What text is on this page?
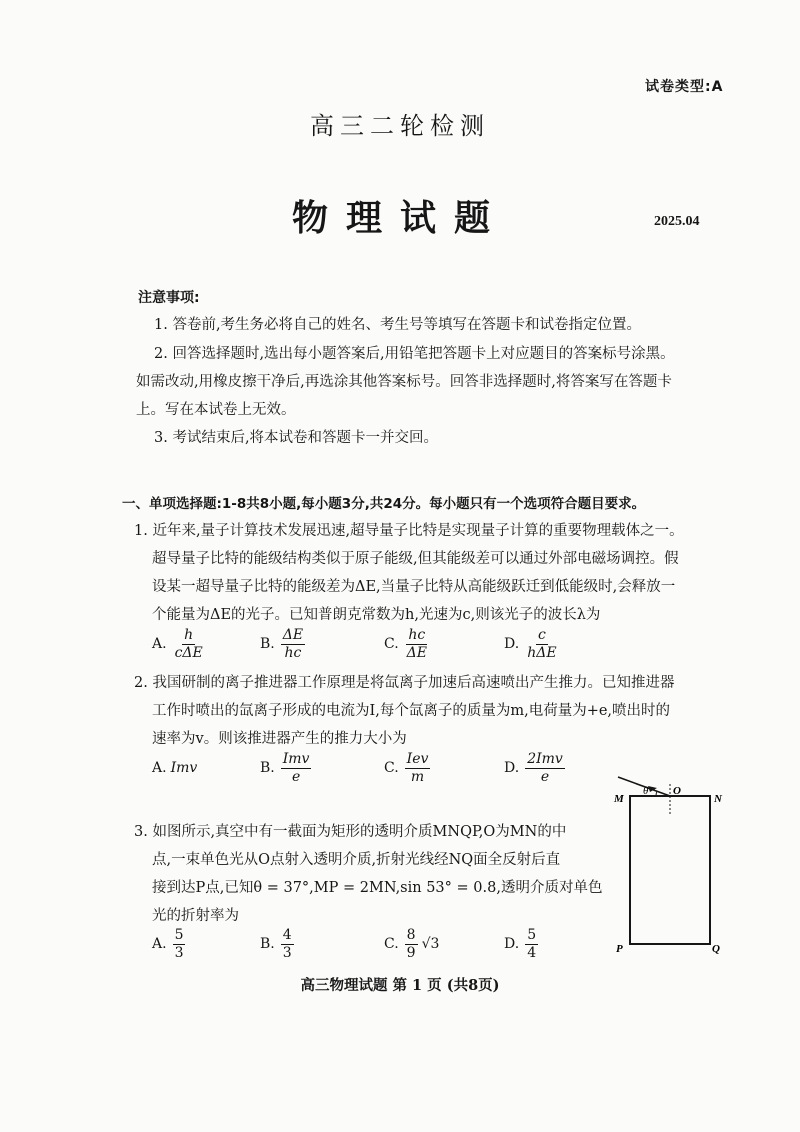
试卷类型:A
高三二轮检测
物理试题	2025.04
注意事项:
1. 答卷前,考生务必将自己的姓名、考生号等填写在答题卡和试卷指定位置。
2. 回答选择题时,选出每小题答案后,用铅笔把答题卡上对应题目的答案标号涂黑。
如需改动,用橡皮擦干净后,再选涂其他答案标号。回答非选择题时,将答案写在答题卡
上。写在本试卷上无效。
3. 考试结束后,将本试卷和答题卡一并交回。
一、单项选择题:1-8共8小题,每小题3分,共24分。每小题只有一个选项符合题目要求。
1. 近年来,量子计算技术发展迅速,超导量子比特是实现量子计算的重要物理载体之一。
超导量子比特的能级结构类似于原子能级,但其能级差可以通过外部电磁场调控。假
设某一超导量子比特的能级差为ΔE,当量子比特从高能级跃迁到低能级时,会释放一
个能量为ΔE的光子。已知普朗克常数为h,光速为c,则该光子的波长λ为
A. $\frac{h}{\text{cΔE}}$	B. $\frac{\Delta E}{hc}$	C. $\frac{hc}{\Delta E}$	D. $\frac{c}{\text{hΔE}}$
2. 我国研制的离子推进器工作原理是将氙离子加速后高速喷出产生推力。已知推进器
工作时喷出的氙离子形成的电流为I,每个氙离子的质量为m,电荷量为+e,喷出时的
速率为v。则该推进器产生的推力大小为
A. Imv	B. $\frac{\text{Imv}}{e}$	C. $\frac{\text{Iev}}{m}$	D. $\frac{\text{2Imv}}{e}$
3. 如图所示,真空中有一截面为矩形的透明介质MNQP,O为MN的中
点,一束单色光从O点射入透明介质,折射光线经NQ面全反射后直
接到达P点,已知θ = 37°,MP = 2MN,sin 53° = 0.8,透明介质对单色
光的折射率为
A. $\frac{5}{3}$	B. $\frac{4}{3}$	C. $\frac{8}{9} √3$	D. $\frac{5}{4}$
M
θ O
N
P	Q
高三物理试题 第 1 页 (共8页)
